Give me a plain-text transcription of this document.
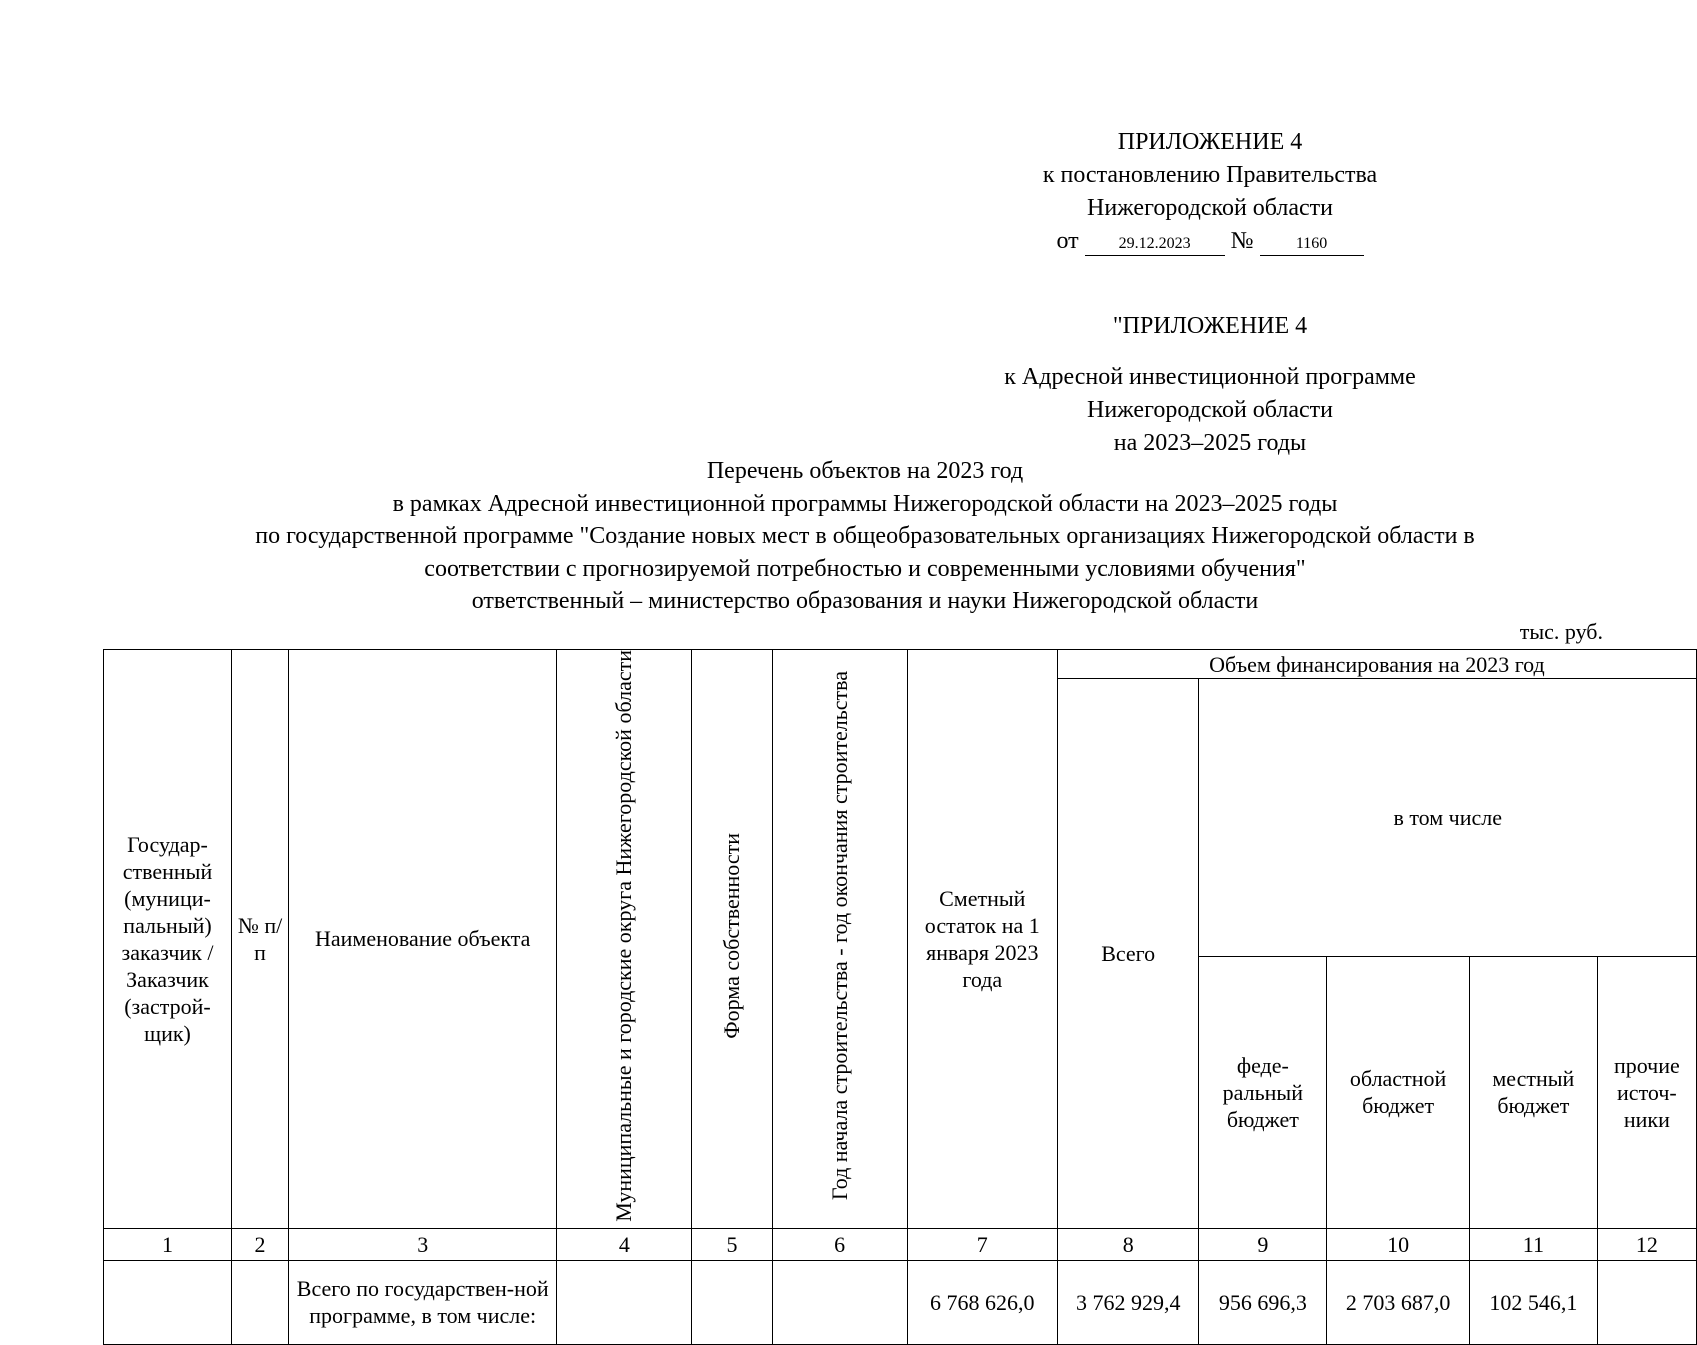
ПРИЛОЖЕНИЕ 4
к постановлению Правительства
Нижегородской области
от	29.12.2023 №	1160
"ПРИЛОЖЕНИЕ 4
к Адресной инвестиционной программе
Нижегородской области
на 2023–2025 годы
Перечень объектов на 2023 год
в рамках Адресной инвестиционной программы Нижегородской области на 2023–2025 годы
по государственной программе "Создание новых мест в общеобразовательных организациях Нижегородской области в
соответствии с прогнозируемой потребностью и современными условиями обучения"
ответственный – министерство образования и науки Нижегородской области
тыс. руб.
Государ-ственный (муници-пальный) заказчик / Заказчик (застрой-щик)	№ п/п	Наименование объекта	Муниципальные и городские округа Нижегородской области	Форма собственности	Год начала строительства - год окончания строительства	Сметный остаток на 1 января 2023 года	Объем финансирования на 2023 год				
							Всего	в том числе			
								феде-ральный бюджет	областной бюджет	местный бюджет	прочие источ-ники
1	2	3	4	5	6	7	8	9	10	11	12
		Всего по государствен-ной программе, в том числе:				6 768 626,0	3 762 929,4	956 696,3	2 703 687,0	102 546,1	
